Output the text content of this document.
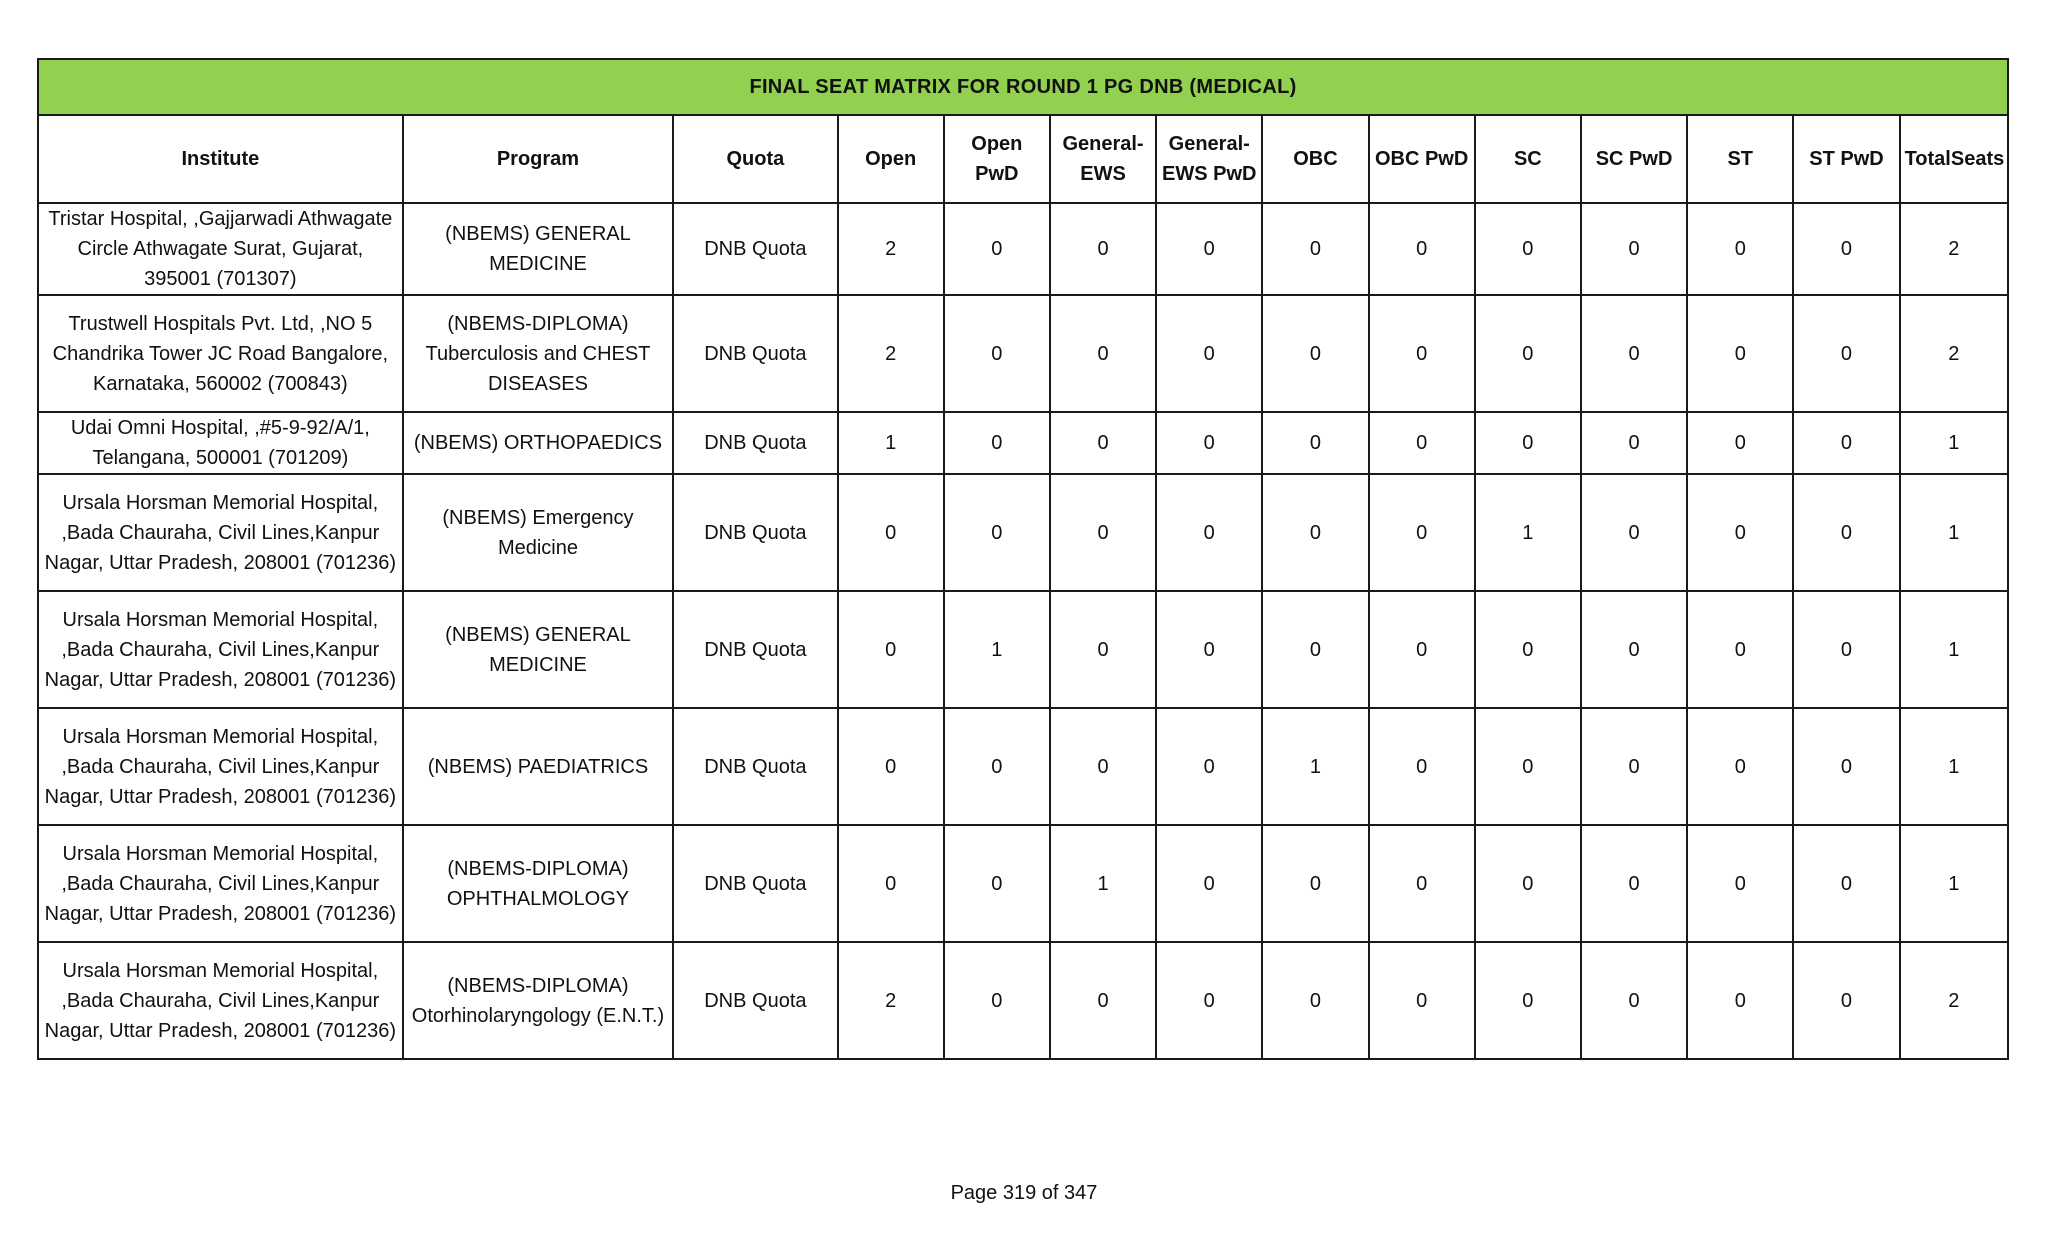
FINAL SEAT MATRIX FOR ROUND 1 PG DNB (MEDICAL)													
Institute	Program	Quota	Open	Open PwD	General-EWS	General-EWS PwD	OBC	OBC PwD	SC	SC PwD	ST	ST PwD	TotalSeats
Tristar Hospital, ,Gajjarwadi Athwagate Circle Athwagate Surat, Gujarat, 395001 (701307)	(NBEMS) GENERAL MEDICINE	DNB Quota	2	0	0	0	0	0	0	0	0	0	2
Trustwell Hospitals Pvt. Ltd, ,NO 5 Chandrika Tower JC Road Bangalore, Karnataka, 560002 (700843)	(NBEMS-DIPLOMA) Tuberculosis and CHEST DISEASES	DNB Quota	2	0	0	0	0	0	0	0	0	0	2
Udai Omni Hospital, ,#5-9-92/A/1, Telangana, 500001 (701209)	(NBEMS) ORTHOPAEDICS	DNB Quota	1	0	0	0	0	0	0	0	0	0	1
Ursala Horsman Memorial Hospital, ,Bada Chauraha, Civil Lines,Kanpur Nagar, Uttar Pradesh, 208001 (701236)	(NBEMS) Emergency Medicine	DNB Quota	0	0	0	0	0	0	1	0	0	0	1
Ursala Horsman Memorial Hospital, ,Bada Chauraha, Civil Lines,Kanpur Nagar, Uttar Pradesh, 208001 (701236)	(NBEMS) GENERAL MEDICINE	DNB Quota	0	1	0	0	0	0	0	0	0	0	1
Ursala Horsman Memorial Hospital, ,Bada Chauraha, Civil Lines,Kanpur Nagar, Uttar Pradesh, 208001 (701236)	(NBEMS) PAEDIATRICS	DNB Quota	0	0	0	0	1	0	0	0	0	0	1
Ursala Horsman Memorial Hospital, ,Bada Chauraha, Civil Lines,Kanpur Nagar, Uttar Pradesh, 208001 (701236)	(NBEMS-DIPLOMA) OPHTHALMOLOGY	DNB Quota	0	0	1	0	0	0	0	0	0	0	1
Ursala Horsman Memorial Hospital, ,Bada Chauraha, Civil Lines,Kanpur Nagar, Uttar Pradesh, 208001 (701236)	(NBEMS-DIPLOMA) Otorhinolaryngology (E.N.T.)	DNB Quota	2	0	0	0	0	0	0	0	0	0	2
Page 319 of 347
